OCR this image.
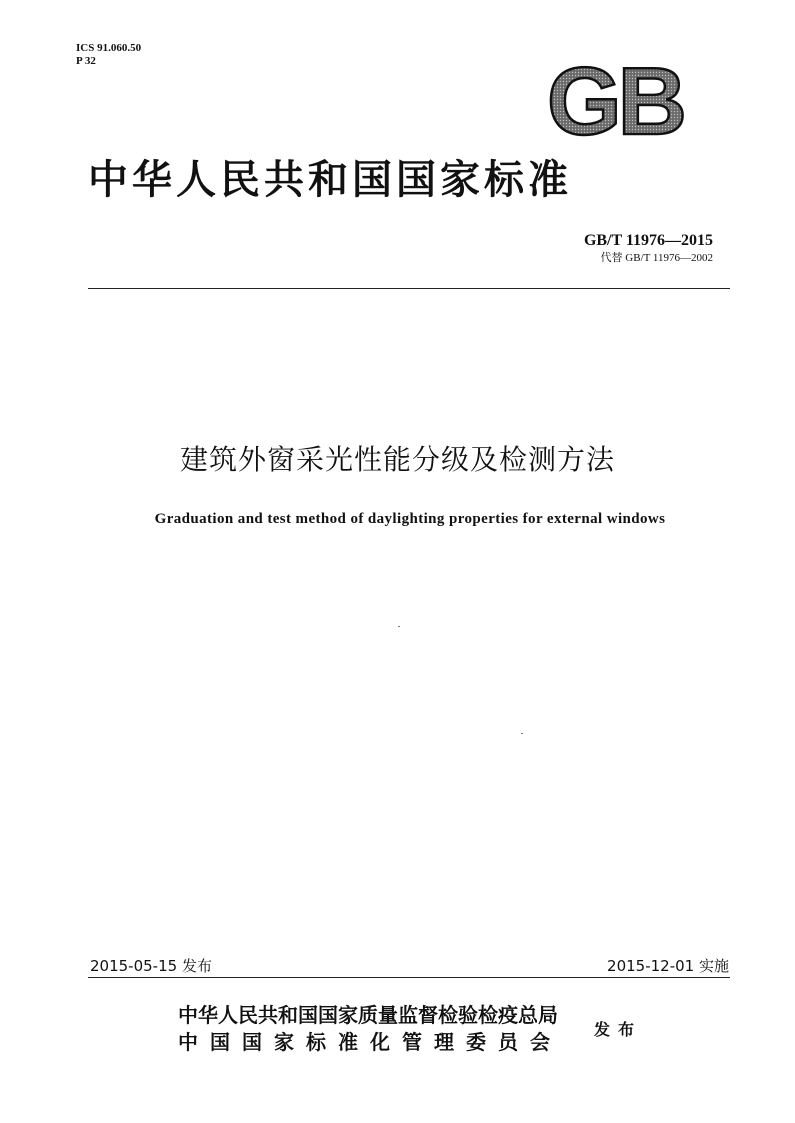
ICS 91.060.50
P 32	GB
中华人民共和国国家标准
GB/T 11976—2015
代替 GB/T 11976—2002
建筑外窗采光性能分级及检测方法
Graduation and test method of daylighting properties for external windows
2015-05-15 发布	2015-12-01 实施
中华人民共和国国家质量监督检验检疫总局
中国国家标准化管理委员会
发布
